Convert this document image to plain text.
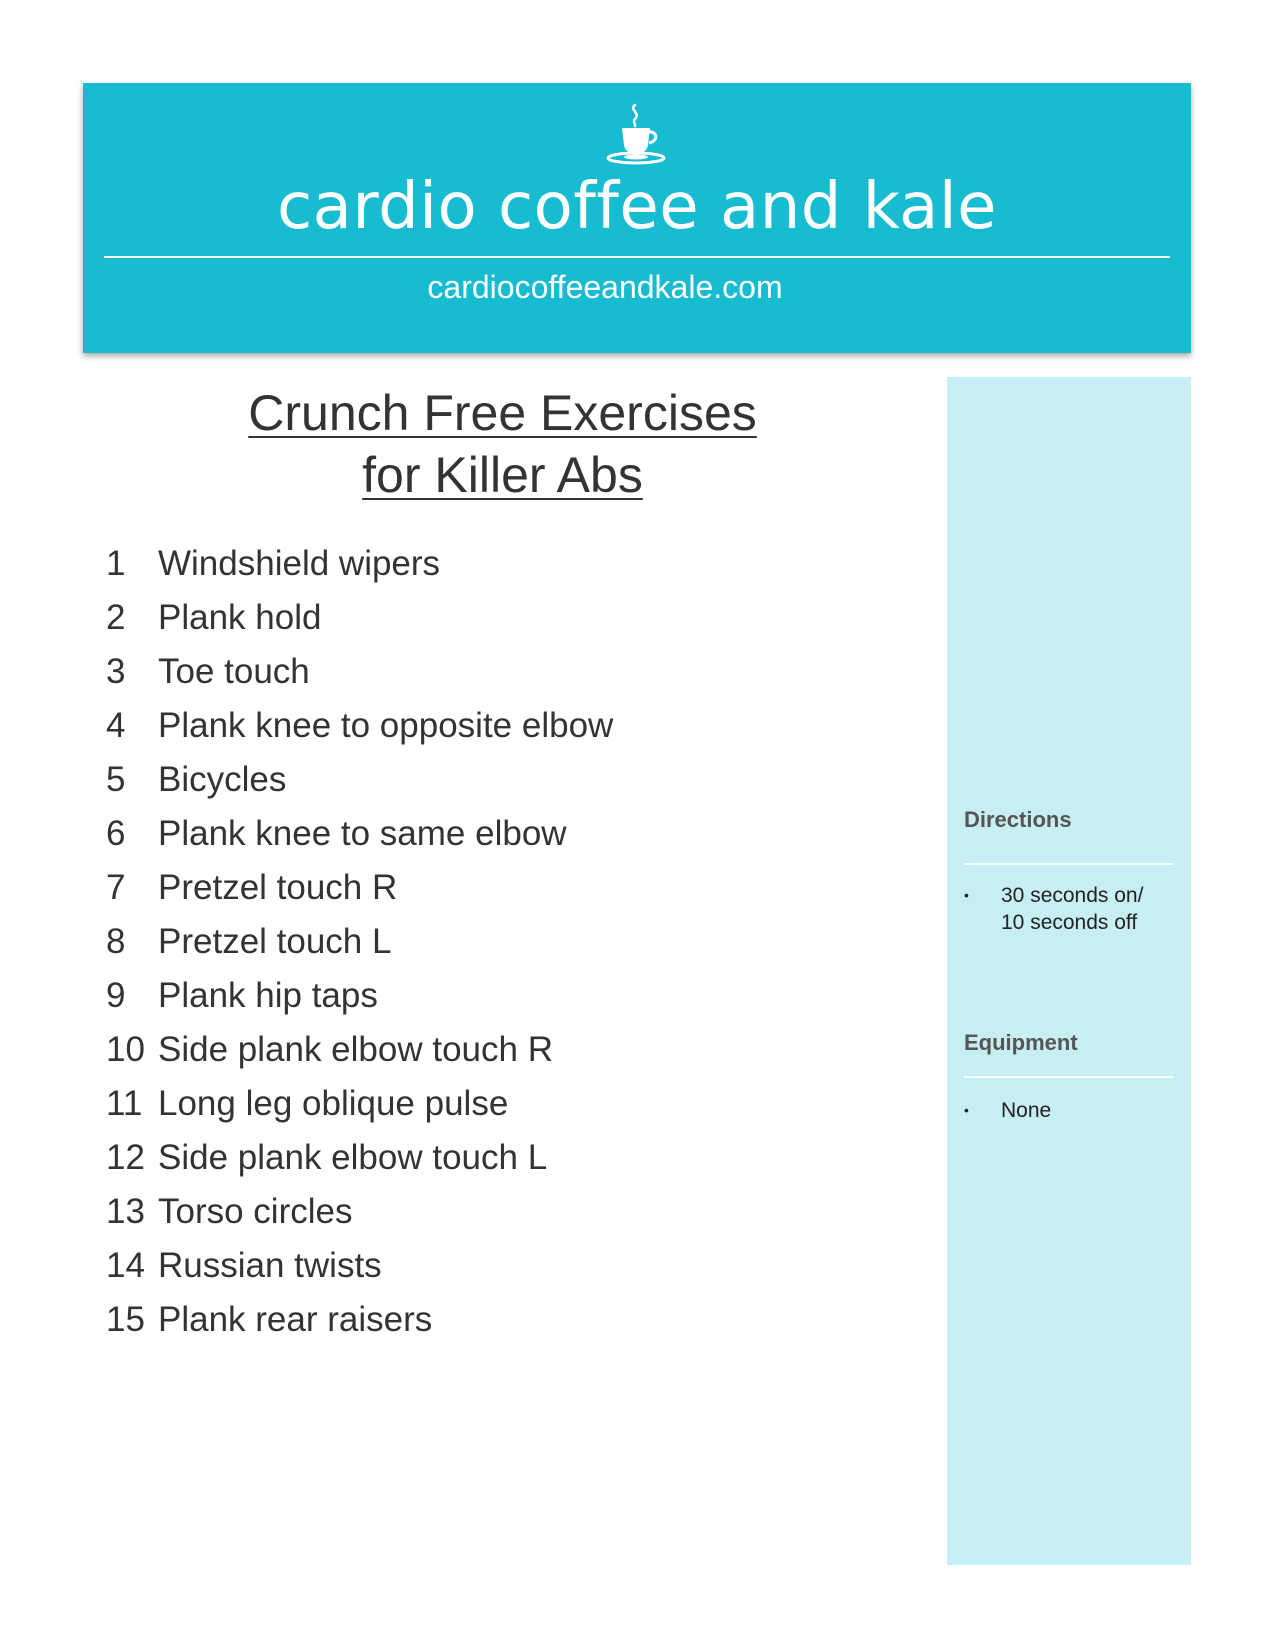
cardio coffee and kale
cardiocoffeeandkale.com
Crunch Free Exercises
for Killer Abs
1 Windshield wipers
2 Plank hold
3 Toe touch
4 Plank knee to opposite elbow
5 Bicycles
6 Plank knee to same elbow
7 Pretzel touch R
8 Pretzel touch L
9 Plank hip taps
10 Side plank elbow touch R
11 Long leg oblique pulse
12 Side plank elbow touch L
13 Torso circles
14 Russian twists
15 Plank rear raisers
Directions
• 30 seconds on/
10 seconds off
Equipment
• None
